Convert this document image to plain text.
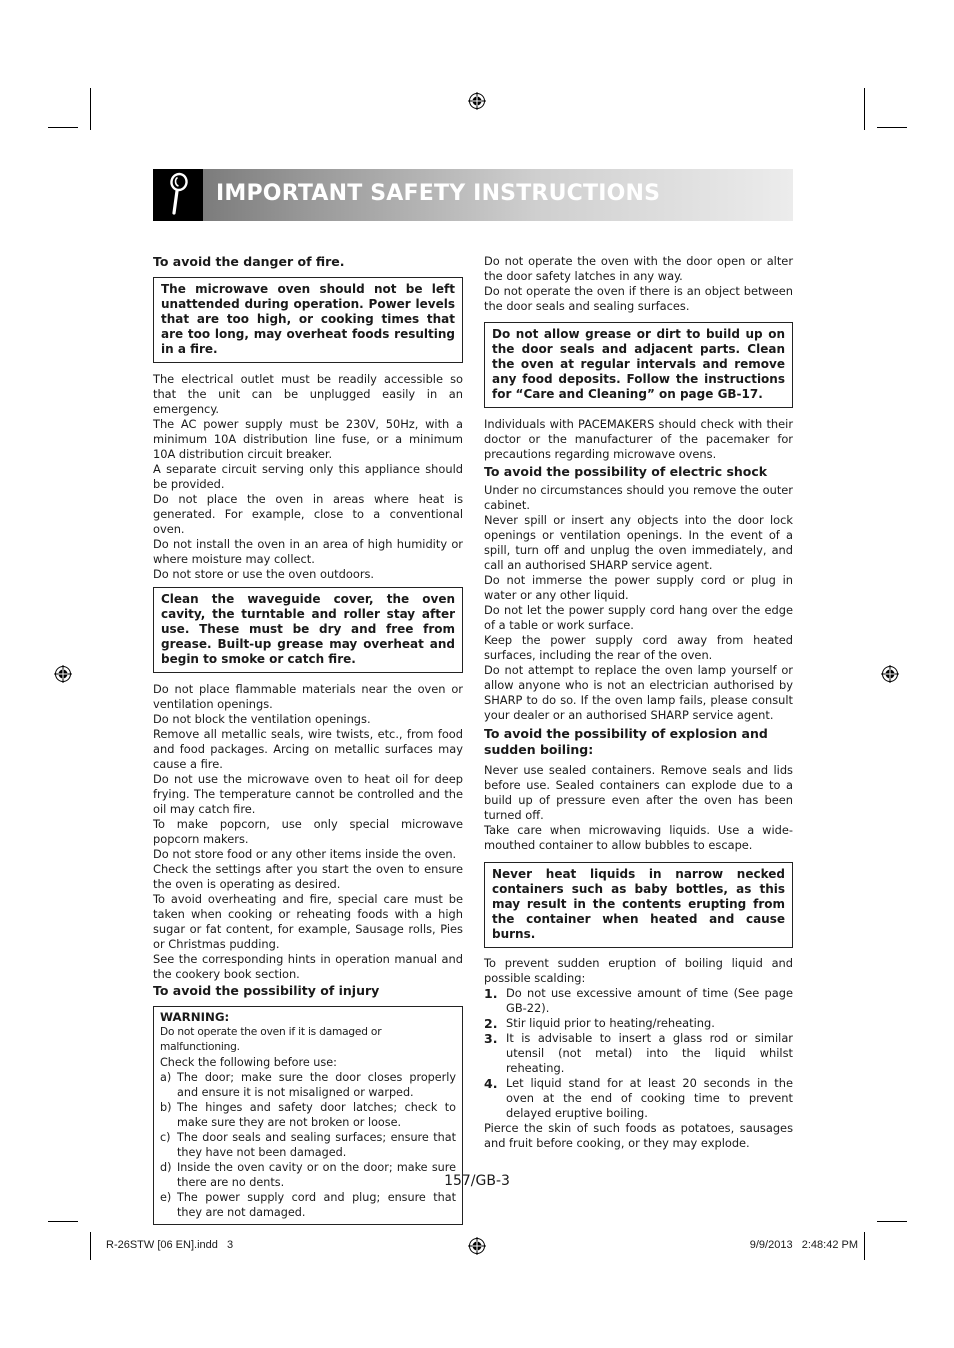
IMPORTANT SAFETY INSTRUCTIONS
To avoid the danger of fire.
The microwave oven should not be left unattended during operation. Power levels that are too high, or cooking times that are too long, may overheat foods resulting in a fire.

The electrical outlet must be readily accessible so that the unit can be unplugged easily in an emergency.

The AC power supply must be 230V, 50Hz, with a minimum 10A distribution line fuse, or a minimum 10A distribution circuit breaker.

A separate circuit serving only this appliance should be provided.

Do not place the oven in areas where heat is generated. For example, close to a conventional oven.

Do not install the oven in an area of high humidity or where moisture may collect.

Do not store or use the oven outdoors.

Clean the waveguide cover, the oven cavity, the turntable and roller stay after use. These must be dry and free from grease. Built-up grease may overheat and begin to smoke or catch fire.

Do not place flammable materials near the oven or ventilation openings.

Do not block the ventilation openings.

Remove all metallic seals, wire twists, etc., from food and food packages. Arcing on metallic surfaces may cause a fire.

Do not use the microwave oven to heat oil for deep frying. The temperature cannot be controlled and the oil may catch fire.

To make popcorn, use only special microwave popcorn makers.

Do not store food or any other items inside the oven.

Check the settings after you start the oven to ensure the oven is operating as desired.

To avoid overheating and fire, special care must be taken when cooking or reheating foods with a high sugar or fat content, for example, Sausage rolls, Pies or Christmas pudding.

See the corresponding hints in operation manual and the cookery book section.

To avoid the possibility of injury
WARNING:
Do not operate the oven if it is damaged or malfunctioning.
Check the following before use:
a) The door; make sure the door closes properly and ensure it is not misaligned or warped.
b) The hinges and safety door latches; check to make sure they are not broken or loose.
c) The door seals and sealing surfaces; ensure that they have not been damaged.
d) Inside the oven cavity or on the door; make sure there are no dents.
e) The power supply cord and plug; ensure that they are not damaged.

Do not operate the oven with the door open or alter the door safety latches in any way.

Do not operate the oven if there is an object between the door seals and sealing surfaces.

Do not allow grease or dirt to build up on the door seals and adjacent parts. Clean the oven at regular intervals and remove any food deposits. Follow the instructions for “Care and Cleaning” on page GB-17.

Individuals with PACEMAKERS should check with their doctor or the manufacturer of the pacemaker for precautions regarding microwave ovens.

To avoid the possibility of electric shock

Under no circumstances should you remove the outer cabinet.

Never spill or insert any objects into the door lock openings or ventilation openings. In the event of a spill, turn off and unplug the oven immediately, and call an authorised SHARP service agent.

Do not immerse the power supply cord or plug in water or any other liquid.

Do not let the power supply cord hang over the edge of a table or work surface.

Keep the power supply cord away from heated surfaces, including the rear of the oven.

Do not attempt to replace the oven lamp yourself or allow anyone who is not an electrician authorised by SHARP to do so. If the oven lamp fails, please consult your dealer or an authorised SHARP service agent.

To avoid the possibility of explosion and sudden boiling:

Never use sealed containers. Remove seals and lids before use. Sealed containers can explode due to a build up of pressure even after the oven has been turned off.

Take care when microwaving liquids. Use a wide-mouthed container to allow bubbles to escape.

Never heat liquids in narrow necked containers such as baby bottles, as this may result in the contents erupting from the container when heated and cause burns.

To prevent sudden eruption of boiling liquid and possible scalding:

1. Do not use excessive amount of time (See page GB-22).
2. Stir liquid prior to heating/reheating.
3. It is advisable to insert a glass rod or similar utensil (not metal) into the liquid whilst reheating.
4. Let liquid stand for at least 20 seconds in the oven at the end of cooking time to prevent delayed eruptive boiling.

Pierce the skin of such foods as potatoes, sausages and fruit before cooking, or they may explode.

157/GB-3
R-26STW [06 EN].indd   3	9/9/2013   2:48:42 PM
